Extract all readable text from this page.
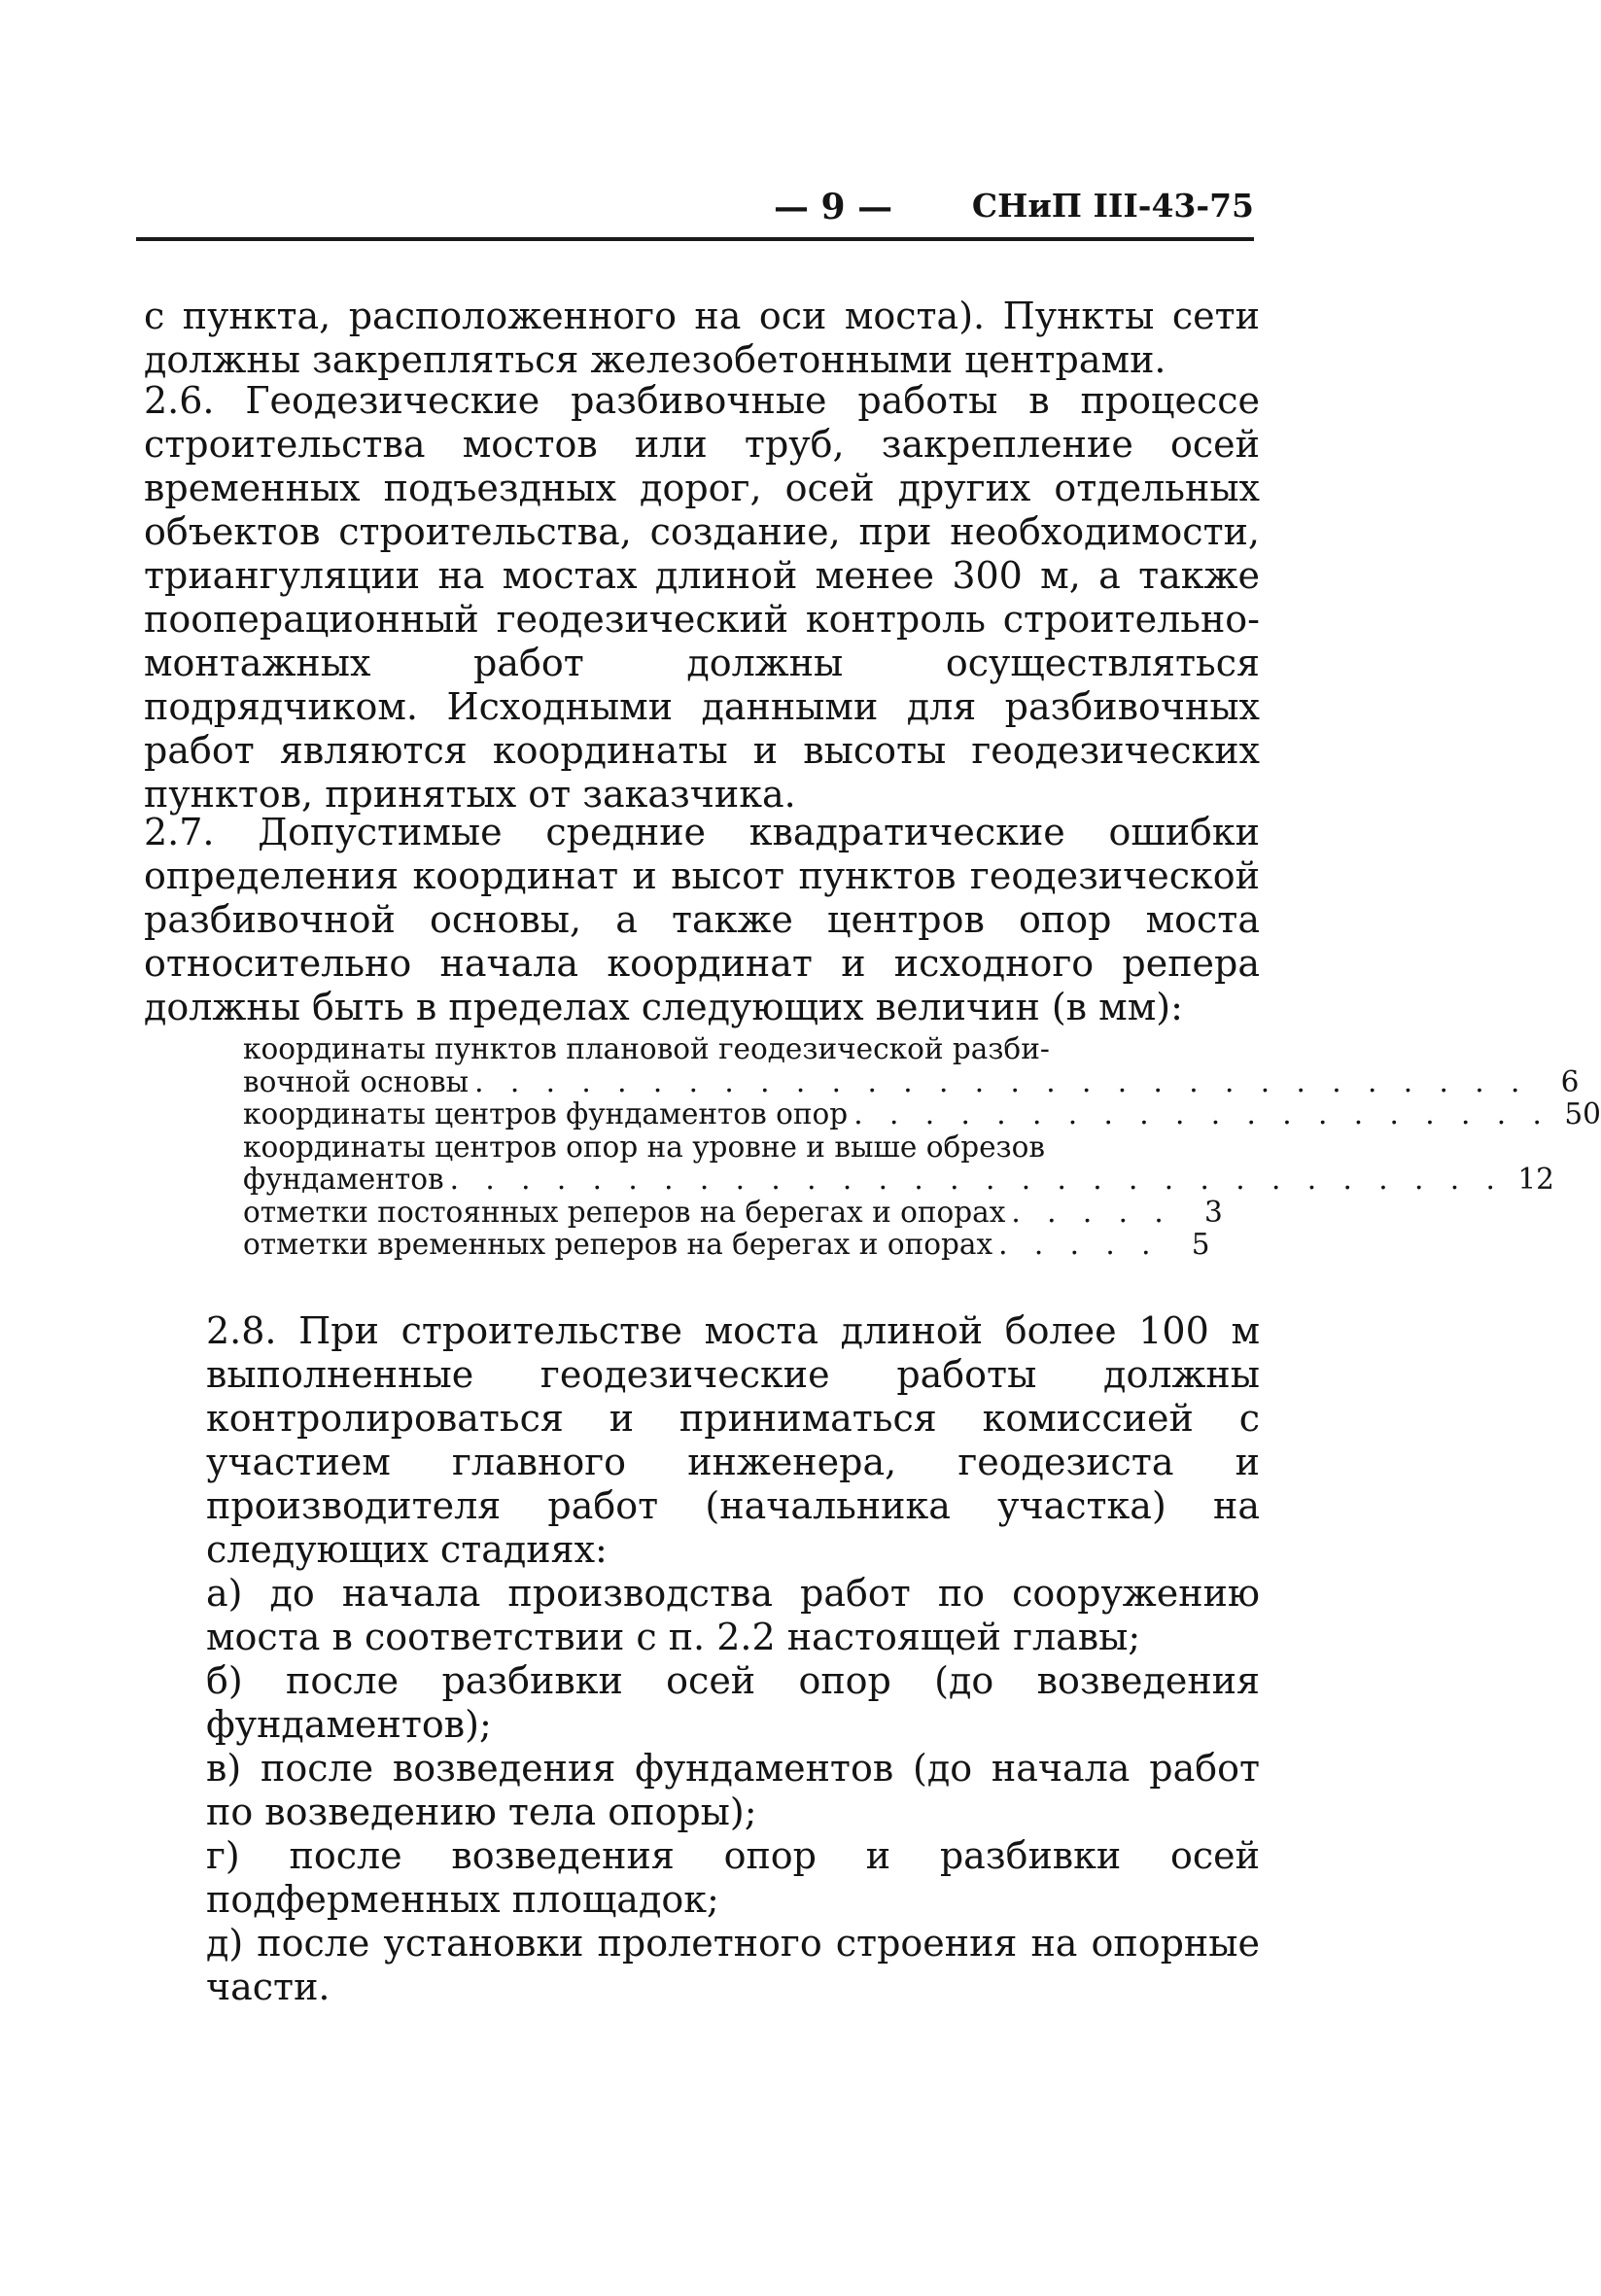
— 9 — СНиП III-43-75
с пункта, расположенного на оси моста). Пункты сети
должны закрепляться железобетонными центрами.

2.6. Геодезические разбивочные работы в процессе строительства мостов или труб, закрепление осей временных подъездных дорог, осей других отдельных объектов строительства, создание, при необходимости, триангуляции на мостах длиной менее 300 м, а также пооперационный геодезический контроль строительно-монтажных работ должны осуществляться подрядчиком. Исходными данными для разбивочных работ являются координаты и высоты геодезических пунктов, принятых от заказчика.

2.7. Допустимые средние квадратические ошибки определения координат и высот пунктов геодезической разбивочной основы, а также центров опор моста относительно начала координат и исходного репера должны быть в пределах следующих величин (в мм):

координаты пунктов плановой геодезической разби-
вочной основы . . . . . . . . . . . . . . . . . . . . . . . . . . . . . .	6
координаты центров фундаментов опор . . . . . . . . . . . . . . . . . . . . 50
координаты центров опор на уровне и выше обрезов
фундаментов . . . . . . . . . . . . . . . . . . . . . . . . . . . . . . 12
отметки постоянных реперов на берегах и опорах . . . . .	3
отметки временных реперов на берегах и опорах . . . . .	5

2.8. При строительстве моста длиной более 100 м выполненные геодезические работы должны контролироваться и приниматься комиссией с участием главного инженера, геодезиста и производителя работ (начальника участка) на следующих стадиях:

а) до начала производства работ по сооружению моста в соответствии с п. 2.2 настоящей главы;

б) после разбивки осей опор (до возведения фундаментов);

в) после возведения фундаментов (до начала работ по возведению тела опоры);

г) после возведения опор и разбивки осей подферменных площадок;

д) после установки пролетного строения на опорные части.
